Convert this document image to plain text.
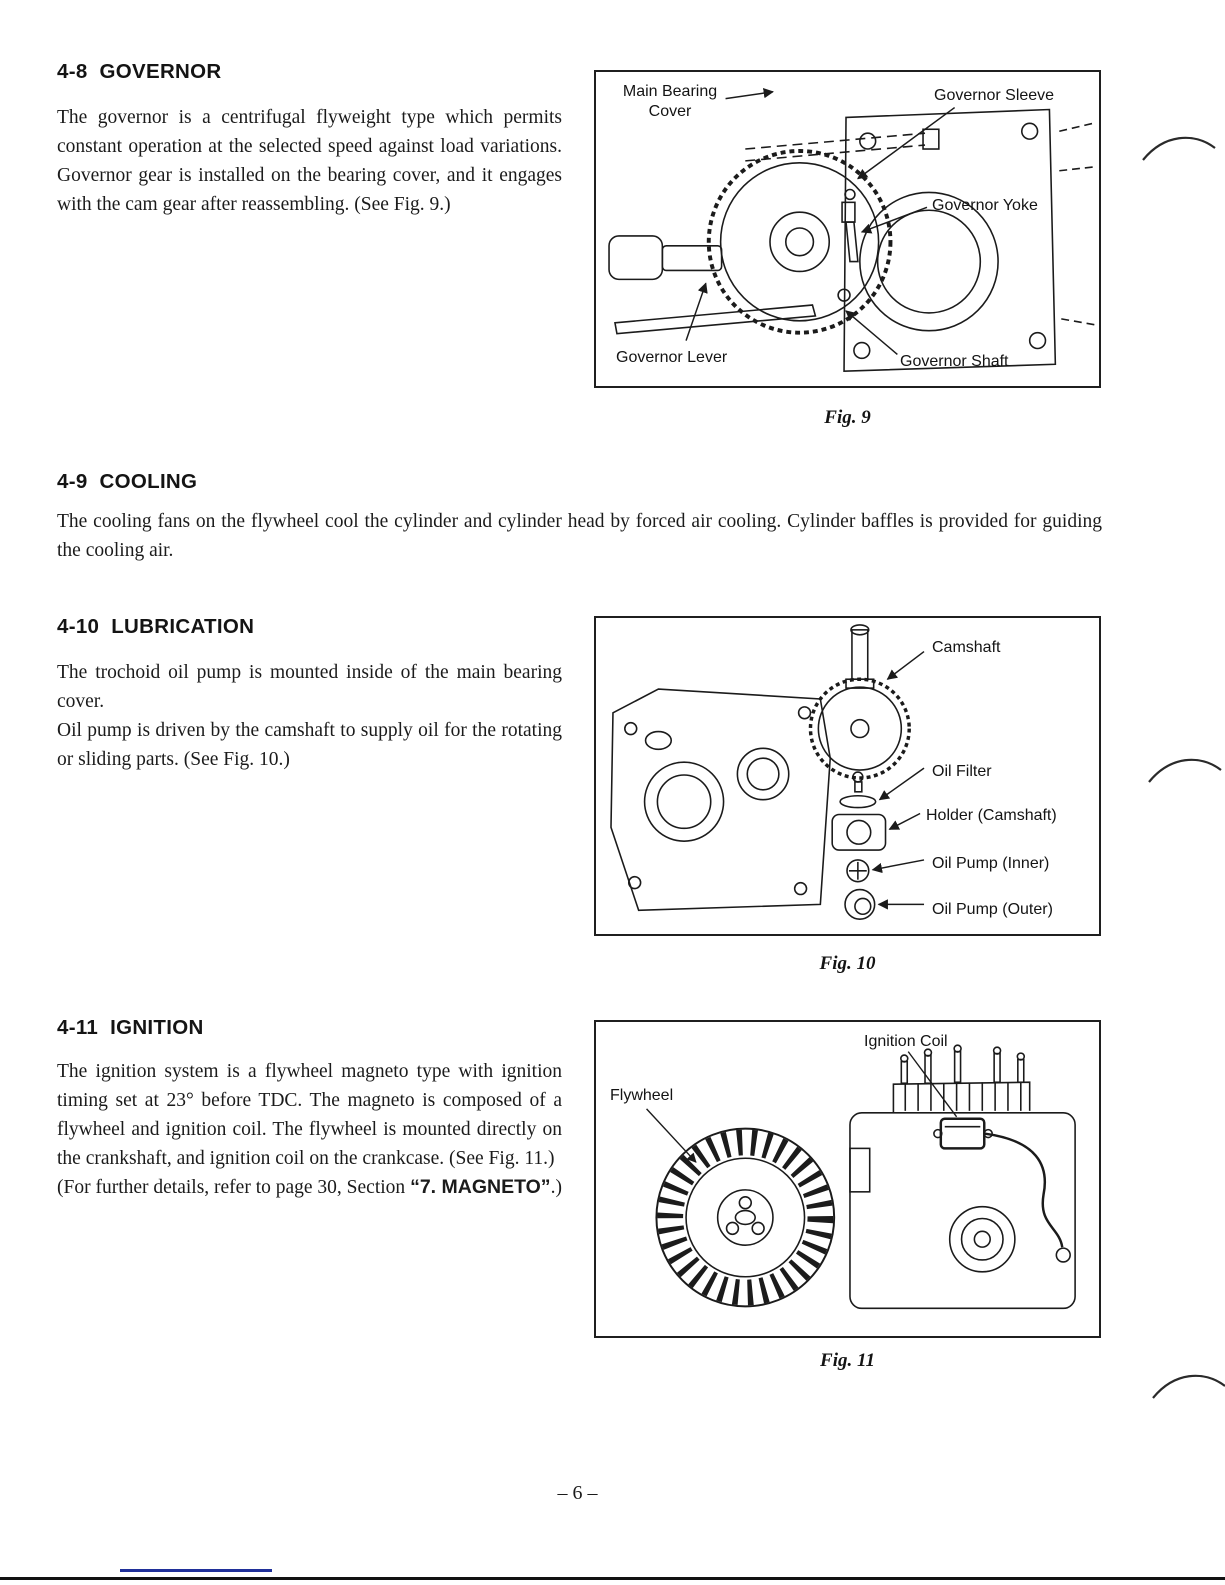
4-8  GOVERNOR

The governor is a centrifugal flyweight type which permits constant operation at the selected speed against load variations. Governor gear is installed on the bearing cover, and it engages with the cam gear after reassembling. (See Fig. 9.)

Main Bearing Cover
Governor Sleeve
Governor Yoke
Governor Lever	Governor Shaft
Fig. 9
4-9  COOLING

The cooling fans on the flywheel cool the cylinder and cylinder head by forced air cooling. Cylinder baffles is provided for guiding the cooling air.

4-10  LUBRICATION

The trochoid oil pump is mounted inside of the main bearing cover.

Oil pump is driven by the camshaft to supply oil for the rotating or sliding parts. (See Fig. 10.)

Camshaft
Oil Filter
Holder (Camshaft)
Oil Pump (Inner)
Oil Pump (Outer)
Fig. 10
4-11  IGNITION

The ignition system is a flywheel magneto type with ignition timing set at 23° before TDC. The magneto is composed of a flywheel and ignition coil. The flywheel is mounted directly on the crankshaft, and ignition coil on the crankcase. (See Fig. 11.)

(For further details, refer to page 30, Section “7. MAGNETO”.)

Ignition Coil
Flywheel
Fig. 11
– 6 –
